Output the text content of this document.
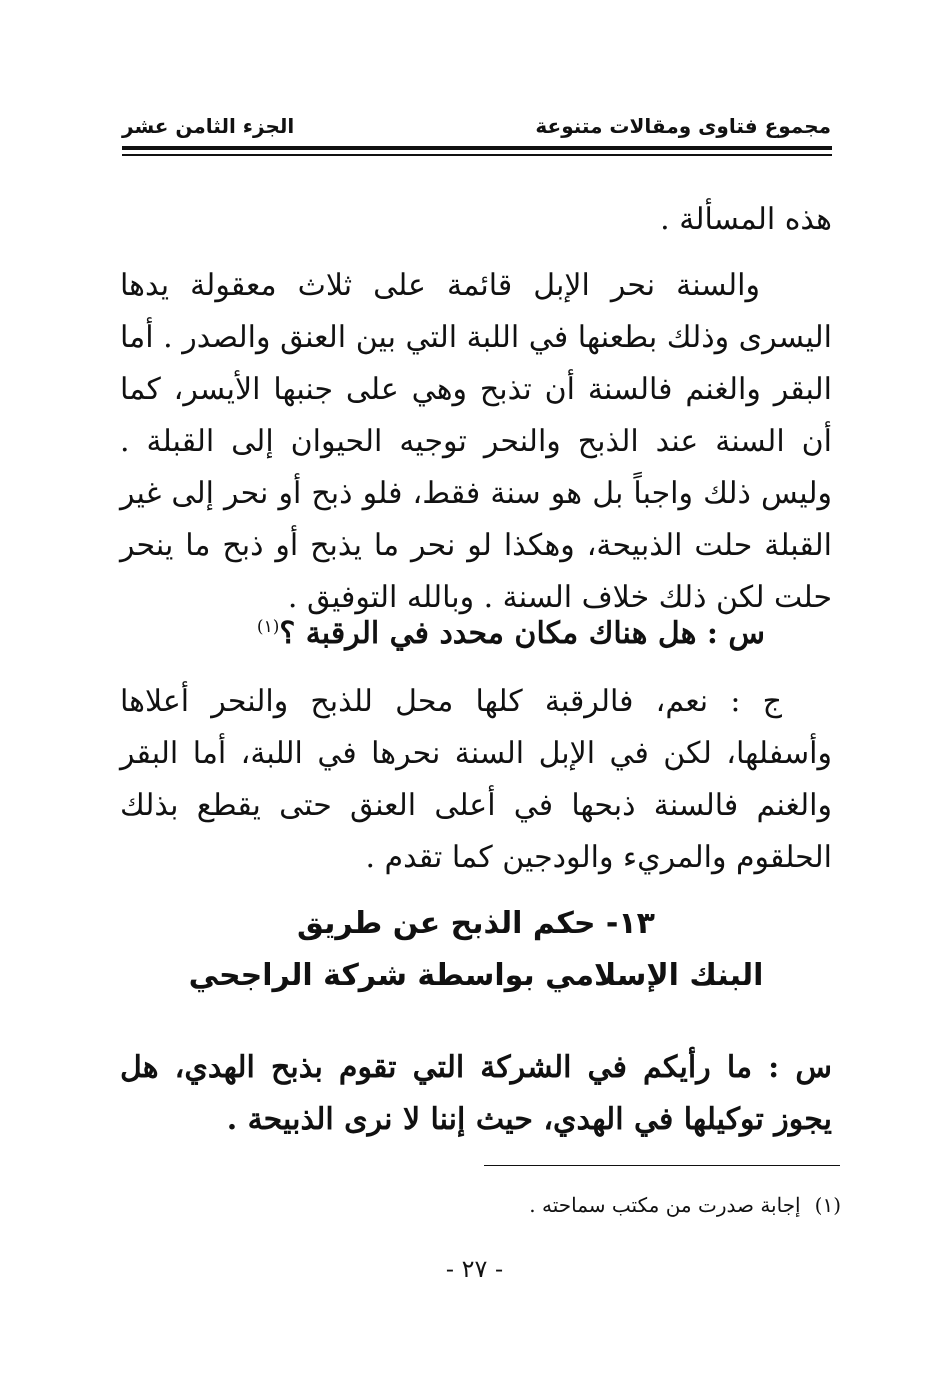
مجموع فتاوى ومقالات متنوعة
الجزء الثامن عشر
هذه المسألة .
والسنة نحر الإبل قائمة على ثلاث معقولة يدها اليسرى وذلك بطعنها في اللبة التي بين العنق والصدر . أما البقر والغنم فالسنة أن تذبح وهي على جنبها الأيسر، كما أن السنة عند الذبح والنحر توجيه الحيوان إلى القبلة . وليس ذلك واجباً بل هو سنة فقط، فلو ذبح أو نحر إلى غير القبلة حلت الذبيحة، وهكذا لو نحر ما يذبح أو ذبح ما ينحر حلت لكن ذلك خلاف السنة . وبالله التوفيق .
س : هل هناك مكان محدد في الرقبة ؟$^{(١)}$
ج : نعم، فالرقبة كلها محل للذبح والنحر أعلاها وأسفلها، لكن في الإبل السنة نحرها في اللبة، أما البقر والغنم فالسنة ذبحها في أعلى العنق حتى يقطع بذلك الحلقوم والمريء والودجين كما تقدم .
١٣- حكم الذبح عن طريق
البنك الإسلامي بواسطة شركة الراجحي
س : ما رأيكم في الشركة التي تقوم بذبح الهدي، هل يجوز توكيلها في الهدي، حيث إننا لا نرى الذبيحة .
(١)إجابة صدرت من مكتب سماحته .
- ٢٧ -
